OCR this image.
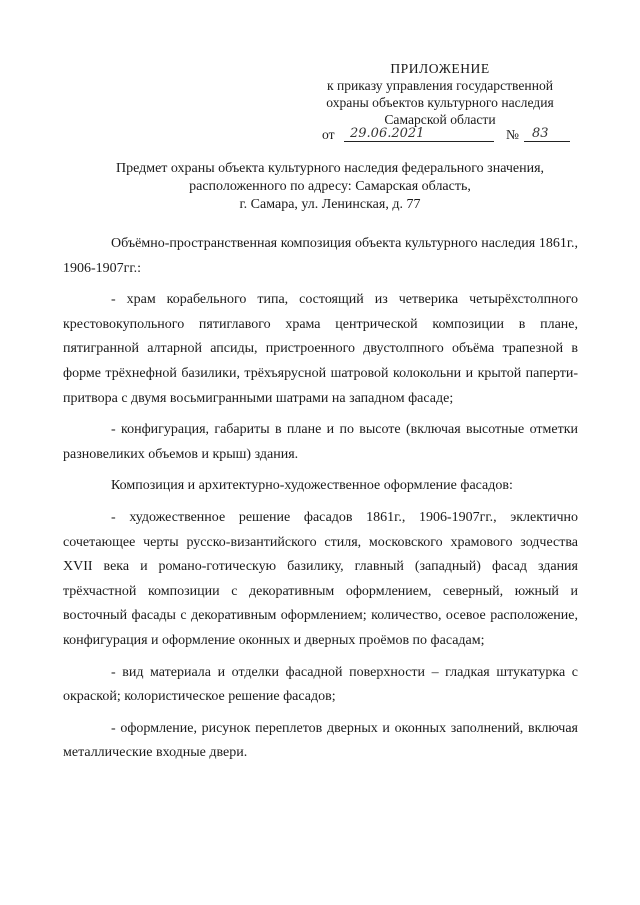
ПРИЛОЖЕНИЕ
к приказу управления государственной
охраны объектов культурного наследия
Самарской области
от 29.06.2021	№ 83
Предмет охраны объекта культурного наследия федерального значения,
расположенного по адресу: Самарская область,
г. Самара, ул. Ленинская, д. 77

Объёмно-пространственная композиция объекта культурного наследия 1861г., 1906-1907гг.:

- храм корабельного типа, состоящий из четверика четырёхстолпного крестовокупольного пятиглавого храма центрической композиции в плане, пятигранной алтарной апсиды, пристроенного двустолпного объёма трапезной в форме трёхнефной базилики, трёхъярусной шатровой колокольни и крытой паперти-притвора с двумя восьмигранными шатрами на западном фасаде;

- конфигурация, габариты в плане и по высоте (включая высотные отметки разновеликих объемов и крыш) здания.

Композиция и архитектурно-художественное оформление фасадов:

- художественное решение фасадов 1861г., 1906-1907гг., эклектично сочетающее черты русско-византийского стиля, московского храмового зодчества XVII века и романо-готическую базилику, главный (западный) фасад здания трёхчастной композиции с декоративным оформлением, северный, южный и восточный фасады с декоративным оформлением; количество, осевое расположение, конфигурация и оформление оконных и дверных проёмов по фасадам;

- вид материала и отделки фасадной поверхности – гладкая штукатурка с окраской; колористическое решение фасадов;

- оформление, рисунок переплетов дверных и оконных заполнений, включая металлические входные двери.
